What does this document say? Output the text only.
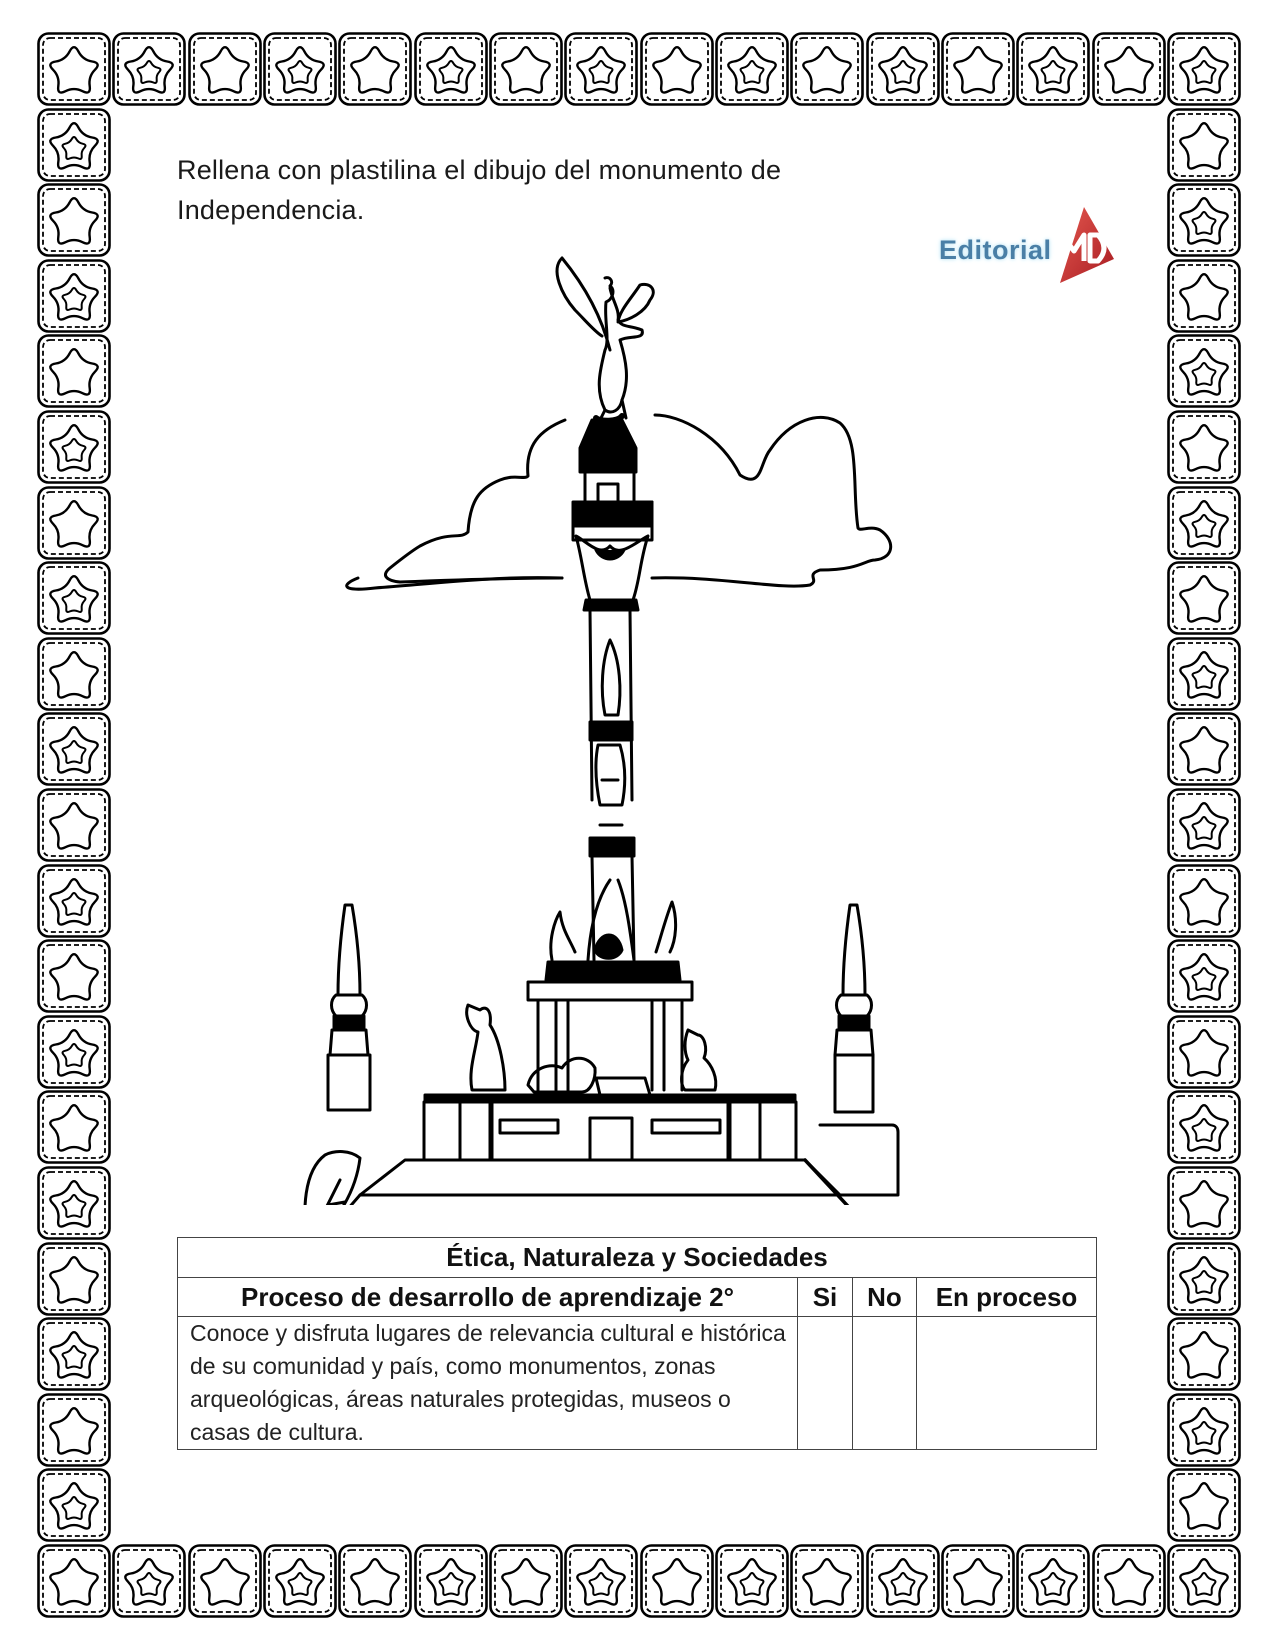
Rellena con plastilina el dibujo del monumento de Independencia.
Editorial
Ética, Naturaleza y Sociedades			
Proceso de desarrollo de aprendizaje 2°	Si	No	En proceso
Conoce y disfruta lugares de relevancia cultural e histórica de su comunidad y país, como monumentos, zonas arqueológicas, áreas naturales protegidas, museos o casas de cultura.			
